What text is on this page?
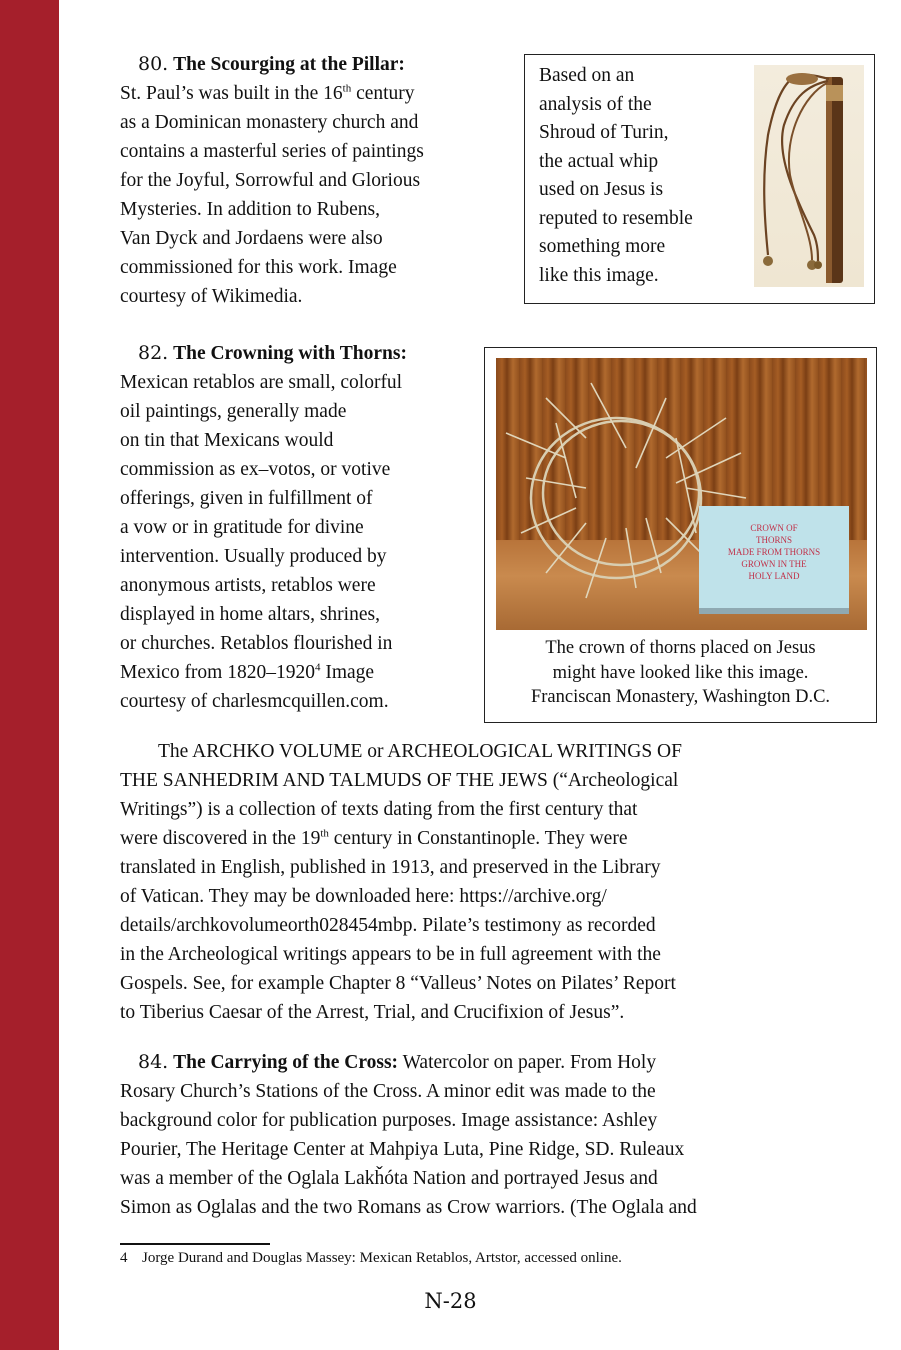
80. The Scourging at the Pillar:
St. Paul’s was built in the 16th century
as a Dominican monastery church and
contains a masterful series of paintings
for the Joyful, Sorrowful and Glorious
Mysteries. In addition to Rubens,
Van Dyck and Jordaens were also
commissioned for this work. Image
courtesy of Wikimedia.
Based on an
analysis of the
Shroud of Turin,
the actual whip
used on Jesus is
reputed to resemble
something more
like this image.
82. The Crowning with Thorns:
Mexican retablos are small, colorful
oil paintings, generally made
on tin that Mexicans would
commission as ex–votos, or votive
offerings, given in fulfillment of
a vow or in gratitude for divine
intervention. Usually produced by
anonymous artists, retablos were
displayed in home altars, shrines,
or churches. Retablos flourished in
Mexico from 1820–1920$^4$ Image
courtesy of charlesmcquillen.com.
CROWN OF
THORNS
MADE FROM THORNS
GROWN IN THE
HOLY LAND
The crown of thorns placed on Jesus
might have looked like this image.
Franciscan Monastery, Washington D.C.
The ARCHKO VOLUME or ARCHEOLOGICAL WRITINGS OF
THE SANHEDRIM AND TALMUDS OF THE JEWS (“Archeological
Writings”) is a collection of texts dating from the first century that
were discovered in the 19th century in Constantinople. They were
translated in English, published in 1913, and preserved in the Library
of Vatican. They may be downloaded here: https://archive.org/
details/archkovolumeorth028454mbp. Pilate’s testimony as recorded
in the Archeological writings appears to be in full agreement with the
Gospels. See, for example Chapter 8 “Valleus’ Notes on Pilates’ Report
to Tiberius Caesar of the Arrest, Trial, and Crucifixion of Jesus”.
84. The Carrying of the Cross: Watercolor on paper. From Holy
Rosary Church’s Stations of the Cross. A minor edit was made to the
background color for publication purposes. Image assistance: Ashley
Pourier, The Heritage Center at Mahpiya Luta, Pine Ridge, SD. Ruleaux
was a member of the Oglala Lakȟóta Nation and portrayed Jesus and
Simon as Oglalas and the two Romans as Crow warriors. (The Oglala and
4 Jorge Durand and Douglas Massey: Mexican Retablos, Artstor, accessed online.
N-28
